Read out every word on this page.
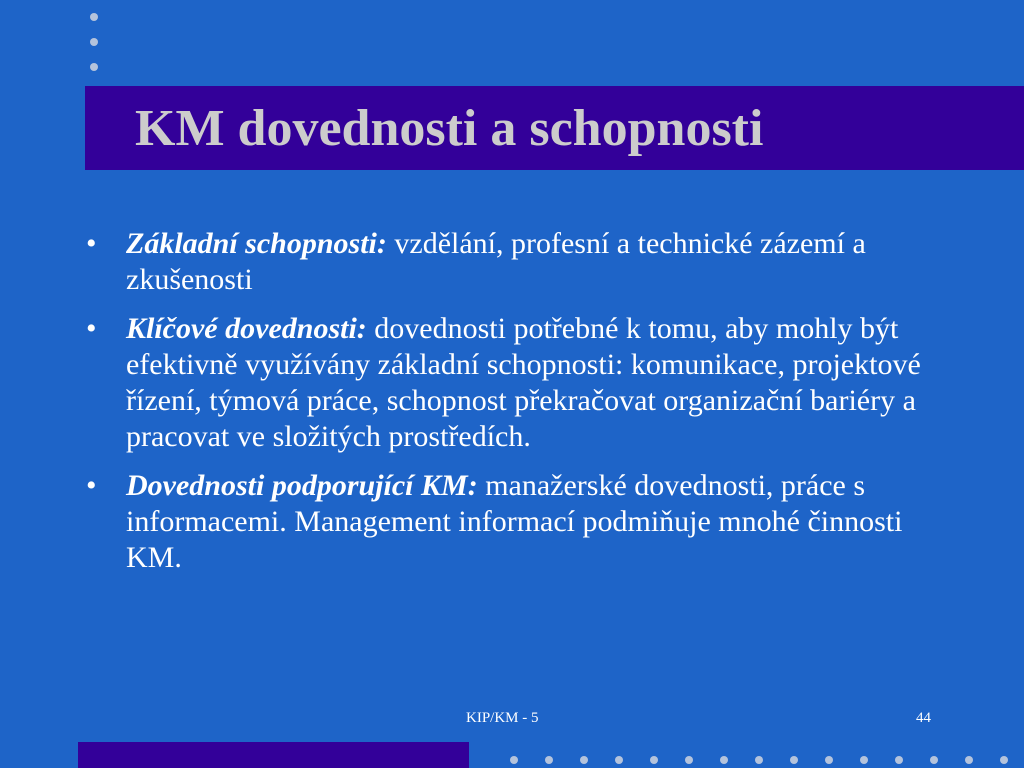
KM dovednosti a schopnosti
• Základní schopnosti: vzdělání, profesní a technické zázemí a zkušenosti
• Klíčové dovednosti: dovednosti potřebné k tomu, aby mohly být efektivně využívány základní schopnosti: komunikace, projektové řízení, týmová práce, schopnost překračovat organizační bariéry a pracovat ve složitých prostředích.
• Dovednosti podporující KM: manažerské dovednosti, práce s informacemi. Management informací podmiňuje mnohé činnosti KM.
KIP/KM - 5	44
